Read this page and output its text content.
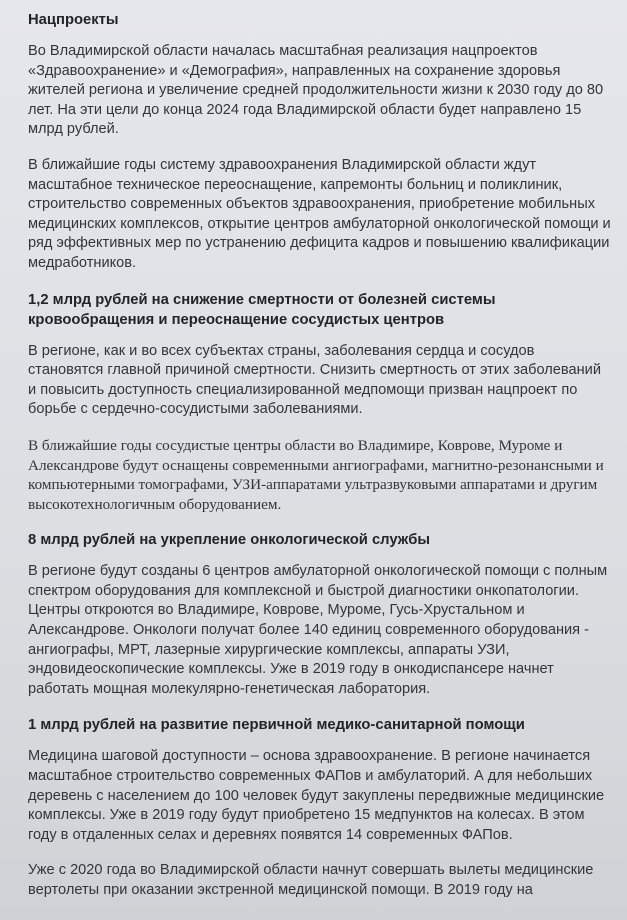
Нацпроекты

Во Владимирской области началась масштабная реализация нацпроектов «Здравоохранение» и «Демография», направленных на сохранение здоровья жителей региона и увеличение средней продолжительности жизни к 2030 году до 80 лет. На эти цели до конца 2024 года Владимирской области будет направлено 15 млрд рублей.

В ближайшие годы систему здравоохранения Владимирской области ждут масштабное техническое переоснащение, капремонты больниц и поликлиник, строительство современных объектов здравоохранения, приобретение мобильных медицинских комплексов, открытие центров амбулаторной онкологической помощи и ряд эффективных мер по устранению дефицита кадров и повышению квалификации медработников.

1,2 млрд рублей на снижение смертности от болезней системы кровообращения и переоснащение сосудистых центров

В регионе, как и во всех субъектах страны, заболевания сердца и сосудов становятся главной причиной смертности. Снизить смертность от этих заболеваний и повысить доступность специализированной медпомощи призван нацпроект по борьбе с сердечно-сосудистыми заболеваниями.

В ближайшие годы сосудистые центры области во Владимире, Коврове, Муроме и Александрове будут оснащены современными ангиографами, магнитно-резонансными и компьютерными томографами, УЗИ-аппаратами ультразвуковыми аппаратами и другим высокотехнологичным оборудованием.

8 млрд рублей на укрепление онкологической службы

В регионе будут созданы 6 центров амбулаторной онкологической помощи с полным спектром оборудования для комплексной и быстрой диагностики онкопатологии. Центры откроются во Владимире, Коврове, Муроме, Гусь-Хрустальном и Александрове. Онкологи получат более 140 единиц современного оборудования - ангиографы, МРТ, лазерные хирургические комплексы, аппараты УЗИ, эндовидеоскопические комплексы. Уже в 2019 году в онкодиспансере начнет работать мощная молекулярно-генетическая лаборатория.

1 млрд рублей на развитие первичной медико-санитарной помощи

Медицина шаговой доступности – основа здравоохранение. В регионе начинается масштабное строительство современных ФАПов и амбулаторий. А для небольших деревень с населением до 100 человек будут закуплены передвижные медицинские комплексы. Уже в 2019 году будут приобретено 15 медпунктов на колесах. В этом году в отдаленных селах и деревнях появятся 14 современных ФАПов.

Уже с 2020 года во Владимирской области начнут совершать вылеты медицинские вертолеты при оказании экстренной медицинской помощи. В 2019 году на
